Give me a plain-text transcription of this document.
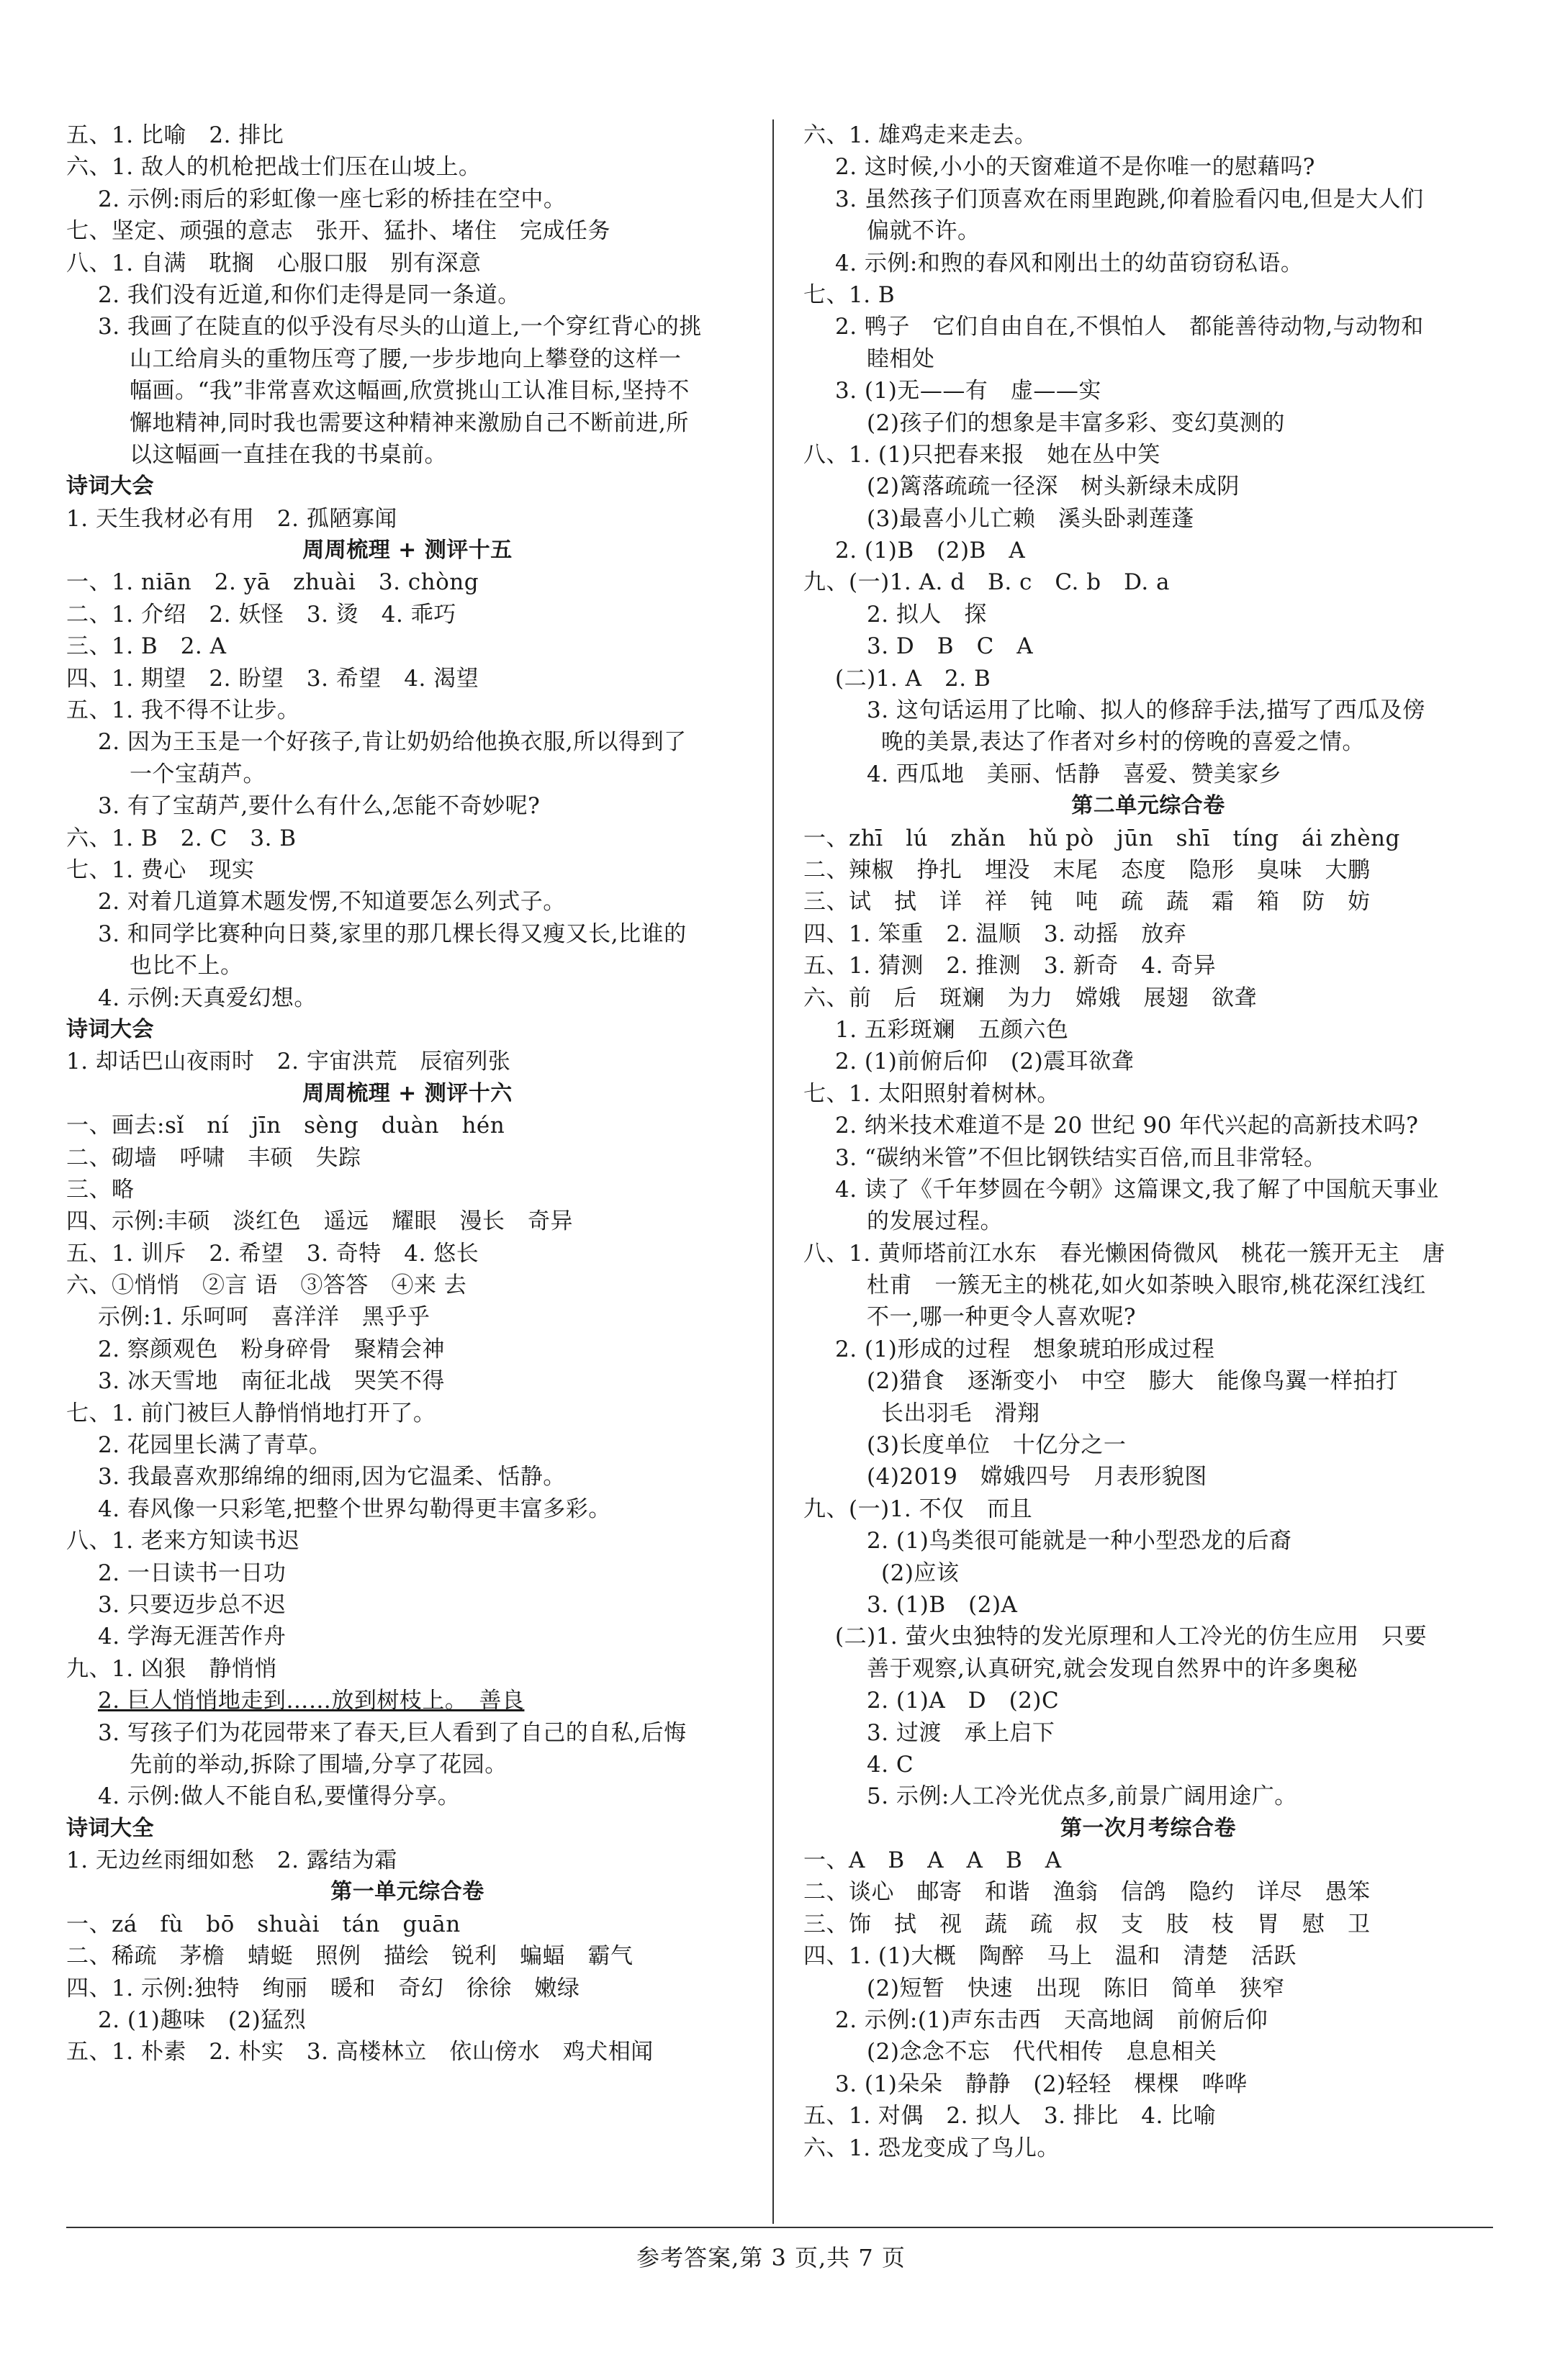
五、1. 比喻　2. 排比
六、1. 敌人的机枪把战士们压在山坡上。
2. 示例:雨后的彩虹像一座七彩的桥挂在空中。
七、坚定、顽强的意志　张开、猛扑、堵住　完成任务
八、1. 自满　耽搁　心服口服　别有深意
2. 我们没有近道,和你们走得是同一条道。
3. 我画了在陡直的似乎没有尽头的山道上,一个穿红背心的挑
山工给肩头的重物压弯了腰,一步步地向上攀登的这样一
幅画。“我”非常喜欢这幅画,欣赏挑山工认准目标,坚持不
懈地精神,同时我也需要这种精神来激励自己不断前进,所
以这幅画一直挂在我的书桌前。
诗词大会
1. 天生我材必有用　2. 孤陋寡闻
周周梳理 + 测评十五
一、1. niān　2. yā　zhuài　3. chòng
二、1. 介绍　2. 妖怪　3. 烫　4. 乖巧
三、1. B　2. A
四、1. 期望　2. 盼望　3. 希望　4. 渴望
五、1. 我不得不让步。
2. 因为王玉是一个好孩子,肯让奶奶给他换衣服,所以得到了
一个宝葫芦。
3. 有了宝葫芦,要什么有什么,怎能不奇妙呢?
六、1. B　2. C　3. B
七、1. 费心　现实
2. 对着几道算术题发愣,不知道要怎么列式子。
3. 和同学比赛种向日葵,家里的那几棵长得又瘦又长,比谁的
也比不上。
4. 示例:天真爱幻想。
诗词大会
1. 却话巴山夜雨时　2. 宇宙洪荒　辰宿列张
周周梳理 + 测评十六
一、画去:sǐ　ní　jīn　sèng　duàn　hén
二、砌墙　呼啸　丰硕　失踪
三、略
四、示例:丰硕　淡红色　遥远　耀眼　漫长　奇异
五、1. 训斥　2. 希望　3. 奇特　4. 悠长
六、①悄悄　②言 语　③答答　④来 去
示例:1. 乐呵呵　喜洋洋　黑乎乎
2. 察颜观色　粉身碎骨　聚精会神
3. 冰天雪地　南征北战　哭笑不得
七、1. 前门被巨人静悄悄地打开了。
2. 花园里长满了青草。
3. 我最喜欢那绵绵的细雨,因为它温柔、恬静。
4. 春风像一只彩笔,把整个世界勾勒得更丰富多彩。
八、1. 老来方知读书迟
2. 一日读书一日功
3. 只要迈步总不迟
4. 学海无涯苦作舟
九、1. 凶狠　静悄悄
2. 巨人悄悄地走到……放到树枝上。　善良
3. 写孩子们为花园带来了春天,巨人看到了自己的自私,后悔
先前的举动,拆除了围墙,分享了花园。
4. 示例:做人不能自私,要懂得分享。
诗词大全
1. 无边丝雨细如愁　2. 露结为霜
第一单元综合卷
一、zá　fù　bō　shuài　tán　guān
二、稀疏　茅檐　蜻蜓　照例　描绘　锐利　蝙蝠　霸气
四、1. 示例:独特　绚丽　暖和　奇幻　徐徐　嫩绿
2. (1)趣味　(2)猛烈
五、1. 朴素　2. 朴实　3. 高楼林立　依山傍水　鸡犬相闻
六、1. 雄鸡走来走去。
2. 这时候,小小的天窗难道不是你唯一的慰藉吗?
3. 虽然孩子们顶喜欢在雨里跑跳,仰着脸看闪电,但是大人们
偏就不许。
4. 示例:和煦的春风和刚出土的幼苗窃窃私语。
七、1. B
2. 鸭子　它们自由自在,不惧怕人　都能善待动物,与动物和
睦相处
3. (1)无——有　虚——实
(2)孩子们的想象是丰富多彩、变幻莫测的
八、1. (1)只把春来报　她在丛中笑
(2)篱落疏疏一径深　树头新绿未成阴
(3)最喜小儿亡赖　溪头卧剥莲蓬
2. (1)B　(2)B　A
九、(一)1. A. d　B. c　C. b　D. a
2. 拟人　探
3. D　B　C　A
(二)1. A　2. B
3. 这句话运用了比喻、拟人的修辞手法,描写了西瓜及傍
晚的美景,表达了作者对乡村的傍晚的喜爱之情。
4. 西瓜地　美丽、恬静　喜爱、赞美家乡
第二单元综合卷
一、zhī　lú　zhǎn　hǔ pò　jūn　shī　tíng　ái zhèng
二、辣椒　挣扎　埋没　末尾　态度　隐形　臭味　大鹏
三、试　拭　详　祥　钝　吨　疏　蔬　霜　箱　防　妨
四、1. 笨重　2. 温顺　3. 动摇　放弃
五、1. 猜测　2. 推测　3. 新奇　4. 奇异
六、前　后　斑斓　为力　嫦娥　展翅　欲聋
1. 五彩斑斓　五颜六色
2. (1)前俯后仰　(2)震耳欲聋
七、1. 太阳照射着树林。
2. 纳米技术难道不是 20 世纪 90 年代兴起的高新技术吗?
3. “碳纳米管”不但比钢铁结实百倍,而且非常轻。
4. 读了《千年梦圆在今朝》这篇课文,我了解了中国航天事业
的发展过程。
八、1. 黄师塔前江水东　春光懒困倚微风　桃花一簇开无主　唐
杜甫　一簇无主的桃花,如火如荼映入眼帘,桃花深红浅红
不一,哪一种更令人喜欢呢?
2. (1)形成的过程　想象琥珀形成过程
(2)猎食　逐渐变小　中空　膨大　能像鸟翼一样拍打
长出羽毛　滑翔
(3)长度单位　十亿分之一
(4)2019　嫦娥四号　月表形貌图
九、(一)1. 不仅　而且
2. (1)鸟类很可能就是一种小型恐龙的后裔
(2)应该
3. (1)B　(2)A
(二)1. 萤火虫独特的发光原理和人工冷光的仿生应用　只要
善于观察,认真研究,就会发现自然界中的许多奥秘
2. (1)A　D　(2)C
3. 过渡　承上启下
4. C
5. 示例:人工冷光优点多,前景广阔用途广。
第一次月考综合卷
一、A　B　A　A　B　A
二、谈心　邮寄　和谐　渔翁　信鸽　隐约　详尽　愚笨
三、饰　拭　视　蔬　疏　叔　支　肢　枝　胃　慰　卫
四、1. (1)大概　陶醉　马上　温和　清楚　活跃
(2)短暂　快速　出现　陈旧　简单　狭窄
2. 示例:(1)声东击西　天高地阔　前俯后仰
(2)念念不忘　代代相传　息息相关
3. (1)朵朵　静静　(2)轻轻　棵棵　哗哗
五、1. 对偶　2. 拟人　3. 排比　4. 比喻
六、1. 恐龙变成了鸟儿。
参考答案,第 3 页,共 7 页
